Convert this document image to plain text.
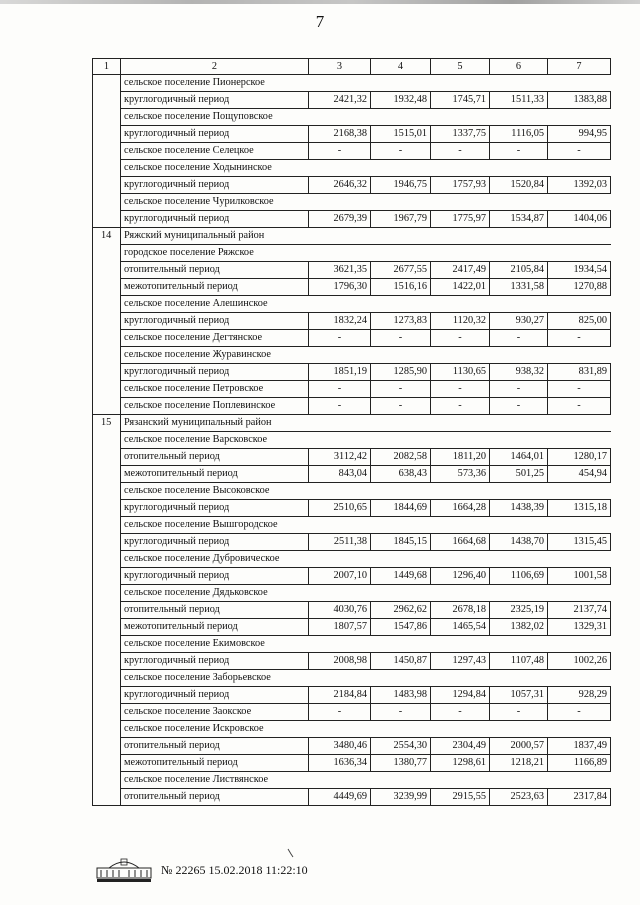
7
1	2	3	4	5	6	7
	сельское поселение Пионерское					
	круглогодичный период	2421,32	1932,48	1745,71	1511,33	1383,88
	сельское поселение Пощуповское					
	круглогодичный период	2168,38	1515,01	1337,75	1116,05	994,95
	сельское поселение Селецкое	-	-	-	-	-
	сельское поселение Ходынинское					
	круглогодичный период	2646,32	1946,75	1757,93	1520,84	1392,03
	сельское поселение Чурилковское					
	круглогодичный период	2679,39	1967,79	1775,97	1534,87	1404,06
14	Ряжский муниципальный район					
	городское поселение Ряжское					
	отопительный период	3621,35	2677,55	2417,49	2105,84	1934,54
	межотопительный период	1796,30	1516,16	1422,01	1331,58	1270,88
	сельское поселение Алешинское					
	круглогодичный период	1832,24	1273,83	1120,32	930,27	825,00
	сельское поселение Дегтянское	-	-	-	-	-
	сельское поселение Журавинское					
	круглогодичный период	1851,19	1285,90	1130,65	938,32	831,89
	сельское поселение Петровское	-	-	-	-	-
	сельское поселение Поплевинское	-	-	-	-	-
15	Рязанский муниципальный район					
	сельское поселение Варсковское					
	отопительный период	3112,42	2082,58	1811,20	1464,01	1280,17
	межотопительный период	843,04	638,43	573,36	501,25	454,94
	сельское поселение Высоковское					
	круглогодичный период	2510,65	1844,69	1664,28	1438,39	1315,18
	сельское поселение Вышгородское					
	круглогодичный период	2511,38	1845,15	1664,68	1438,70	1315,45
	сельское поселение Дубровическое					
	круглогодичный период	2007,10	1449,68	1296,40	1106,69	1001,58
	сельское поселение Дядьковское					
	отопительный период	4030,76	2962,62	2678,18	2325,19	2137,74
	межотопительный период	1807,57	1547,86	1465,54	1382,02	1329,31
	сельское поселение Екимовское					
	круглогодичный период	2008,98	1450,87	1297,43	1107,48	1002,26
	сельское поселение Заборьевское					
	круглогодичный период	2184,84	1483,98	1294,84	1057,31	928,29
	сельское поселение Заокское	-	-	-	-	-
	сельское поселение Искровское					
	отопительный период	3480,46	2554,30	2304,49	2000,57	1837,49
	межотопительный период	1636,34	1380,77	1298,61	1218,21	1166,89
	сельское поселение Листвянское					
	отопительный период	4449,69	3239,99	2915,55	2523,63	2317,84
№ 22265 15.02.2018 11:22:10
